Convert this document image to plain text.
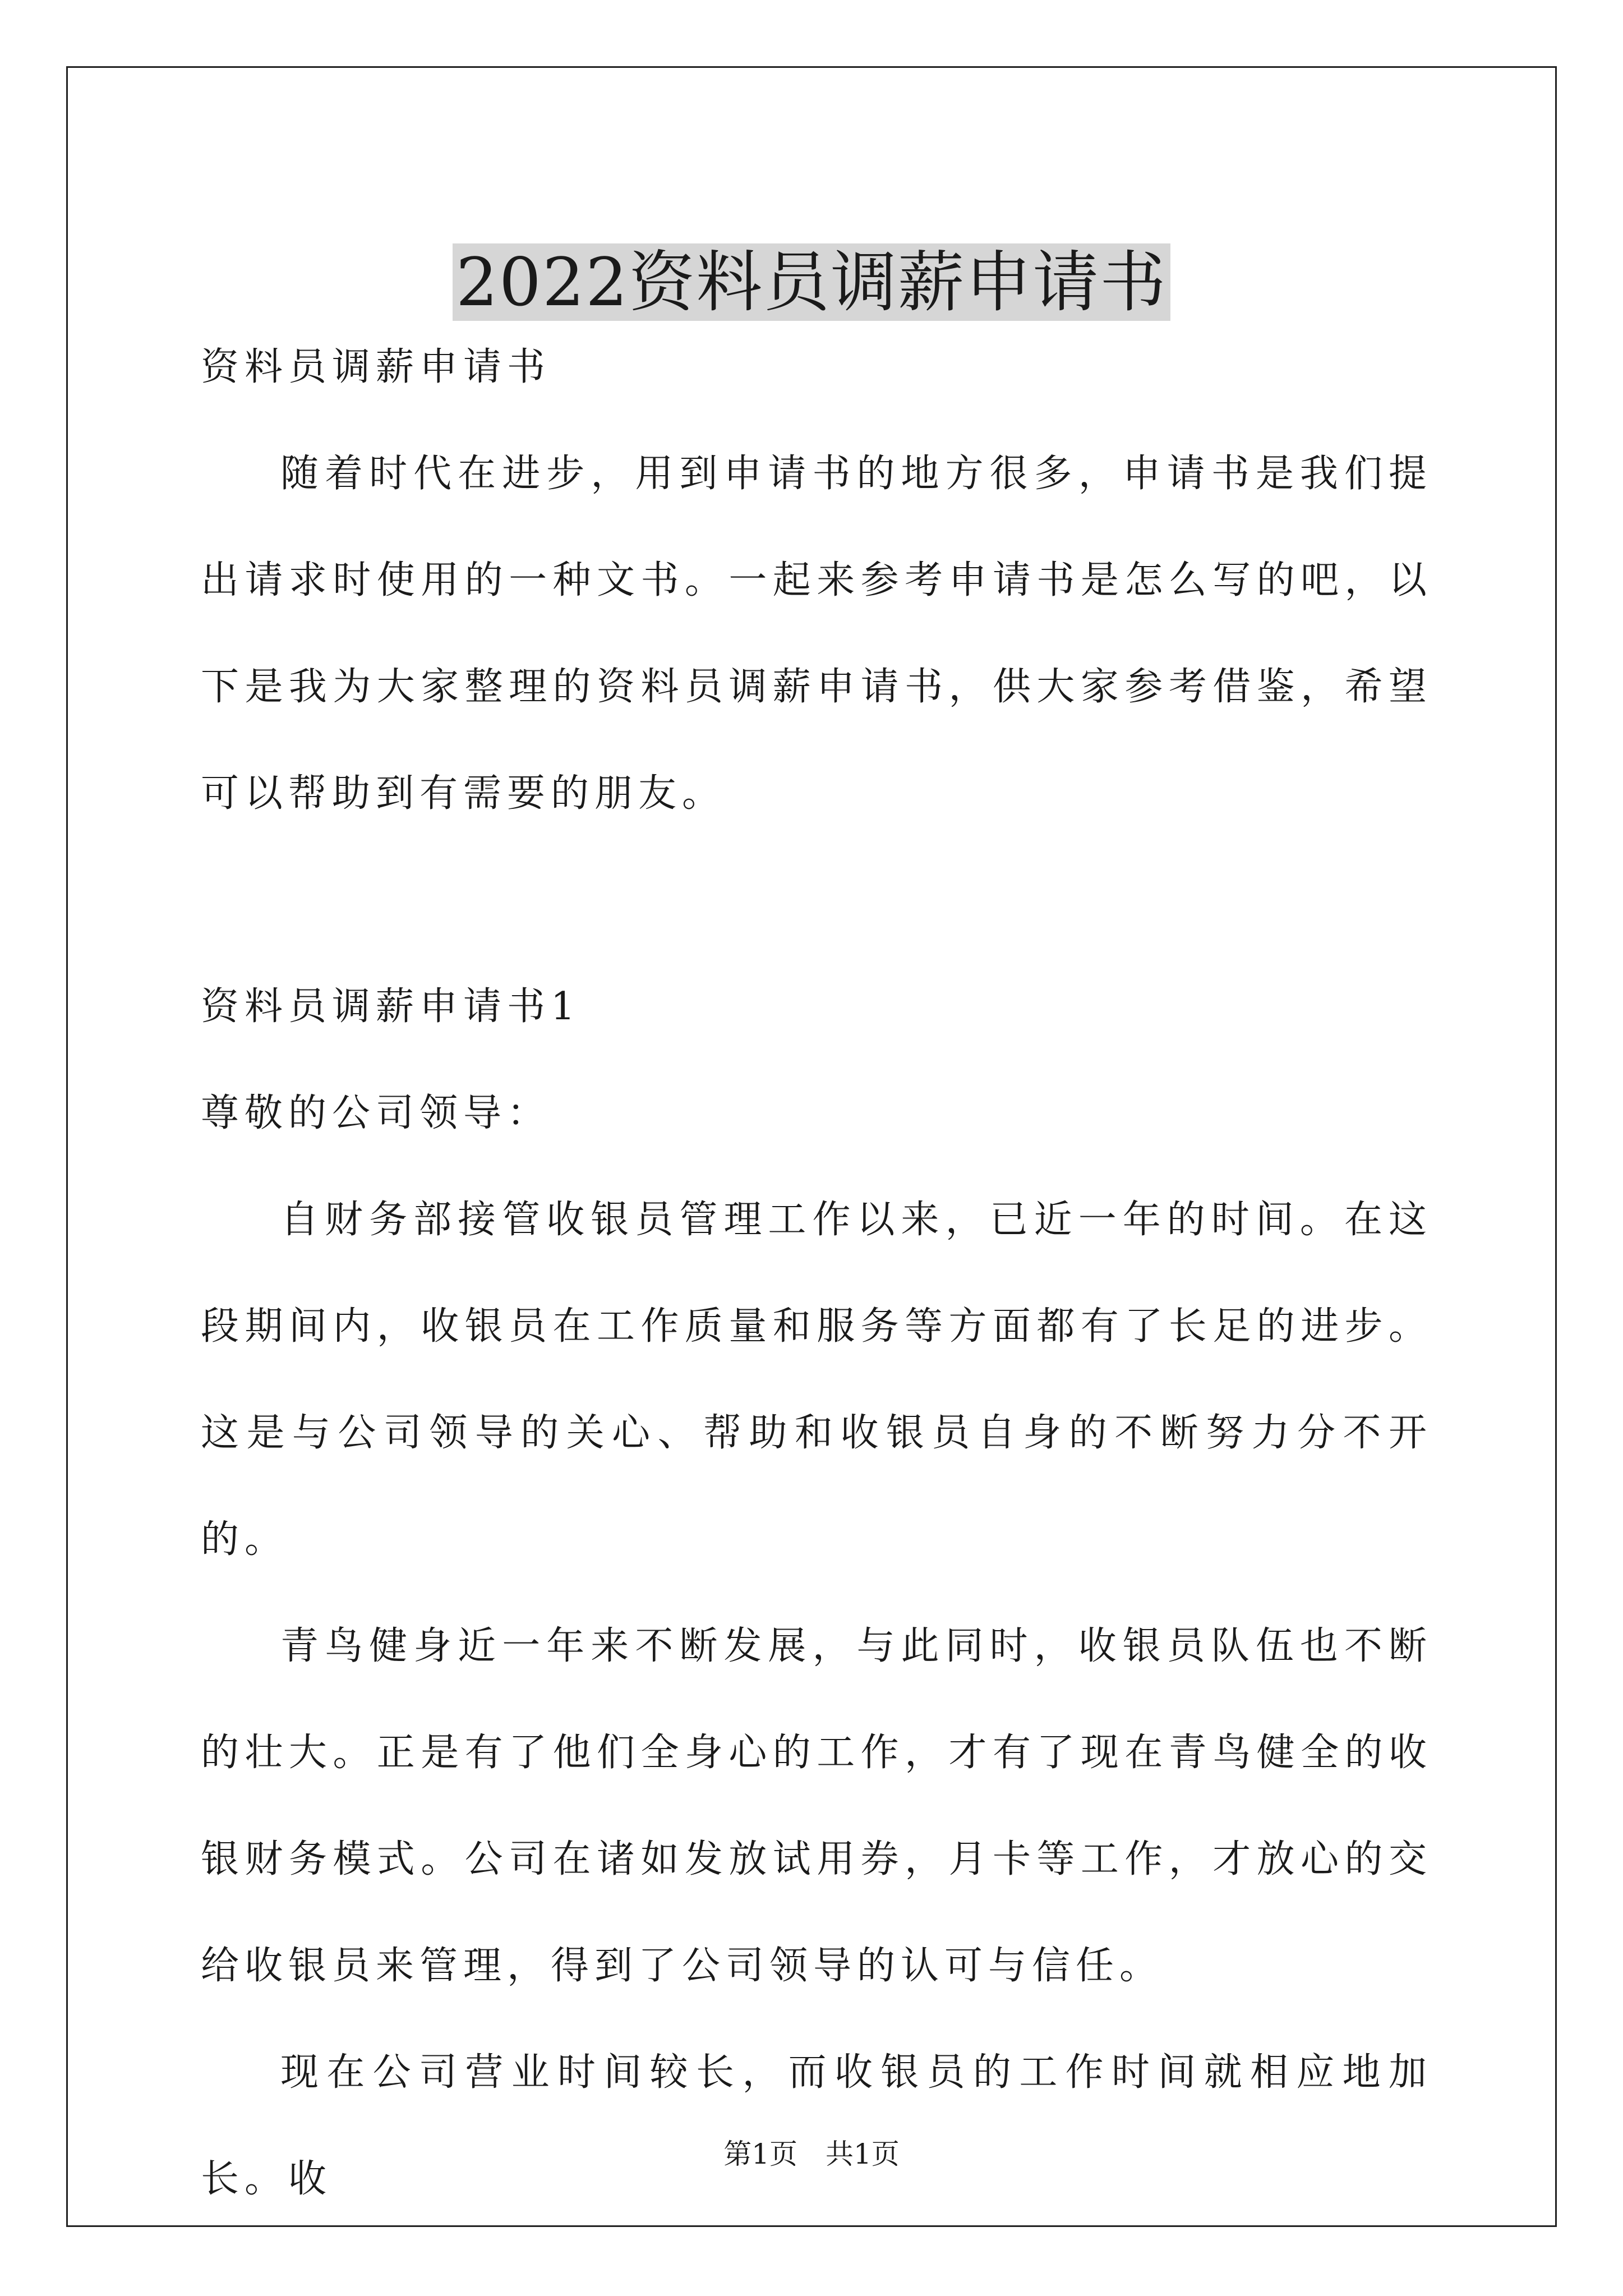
2022资料员调薪申请书

资料员调薪申请书

随着时代在进步，用到申请书的地方很多，申请书是我们提出请求时使用的一种文书。一起来参考申请书是怎么写的吧，以下是我为大家整理的资料员调薪申请书，供大家参考借鉴，希望可以帮助到有需要的朋友。

资料员调薪申请书1

尊敬的公司领导：

自财务部接管收银员管理工作以来，已近一年的时间。在这段期间内，收银员在工作质量和服务等方面都有了长足的进步。这是与公司领导的关心、帮助和收银员自身的不断努力分不开的。

青鸟健身近一年来不断发展，与此同时，收银员队伍也不断的壮大。正是有了他们全身心的工作，才有了现在青鸟健全的收银财务模式。公司在诸如发放试用券，月卡等工作，才放心的交给收银员来管理，得到了公司领导的认可与信任。

现在公司营业时间较长，而收银员的工作时间就相应地加长。收

第1页　共1页
